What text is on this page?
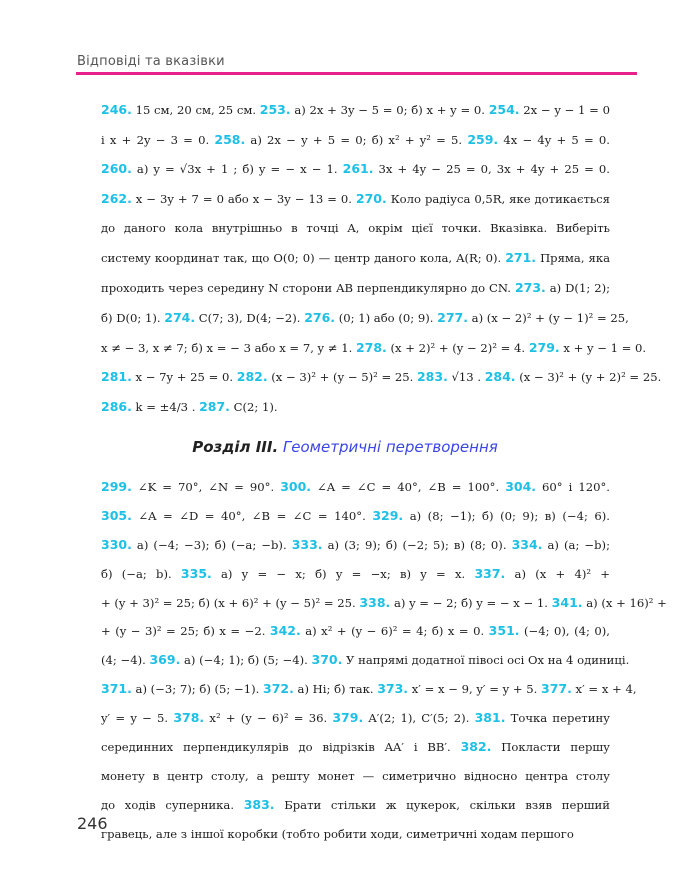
Відповіді та вказівки
246. 15 см, 20 см, 25 см. 253. а) 2x + 3y − 5 = 0; б) x + y = 0. 254. 2x − y − 1 = 0
і x + 2y − 3 = 0. 258. а) 2x − y + 5 = 0; б) x² + y² = 5. 259. 4x − 4y + 5 = 0.
260. а) y = √3x + 1 ; б) y = − x − 1. 261. 3x + 4y − 25 = 0, 3x + 4y + 25 = 0.
262. x − 3y + 7 = 0 або x − 3y − 13 = 0. 270. Коло радіуса 0,5R, яке дотикається
до даного кола внутрішньо в точці A, окрім цієї точки. Вказівка. Виберіть
систему координат так, що O(0; 0) — центр даного кола, A(R; 0). 271. Пряма, яка
проходить через середину N сторони AB перпендикулярно до CN. 273. а) D(1; 2);
б) D(0; 1). 274. C(7; 3), D(4; −2). 276. (0; 1) або (0; 9). 277. а) (x − 2)² + (y − 1)² = 25,
x ≠ − 3, x ≠ 7; б) x = − 3 або x = 7, y ≠ 1. 278. (x + 2)² + (y − 2)² = 4. 279. x + y − 1 = 0.
281. x − 7y + 25 = 0. 282. (x − 3)² + (y − 5)² = 25. 283. √13 . 284. (x − 3)² + (y + 2)² = 25.
286. k = ±4/3 . 287. C(2; 1).
Розділ III. Геометричні перетворення
299. ∠K = 70°, ∠N = 90°. 300. ∠A = ∠C = 40°, ∠B = 100°. 304. 60° і 120°.
305. ∠A = ∠D = 40°, ∠B = ∠C = 140°. 329. а) (8; −1); б) (0; 9); в) (−4; 6).
330. а) (−4; −3); б) (−a; −b). 333. а) (3; 9); б) (−2; 5); в) (8; 0). 334. а) (a; −b);
б) (−a; b). 335. а) y = − x; б) y = −x; в) y = x. 337. а) (x + 4)² +
+ (y + 3)² = 25; б) (x + 6)² + (y − 5)² = 25. 338. а) y = − 2; б) y = − x − 1. 341. а) (x + 16)² +
+ (y − 3)² = 25; б) x = −2. 342. а) x² + (y − 6)² = 4; б) x = 0. 351. (−4; 0), (4; 0),
(4; −4). 369. а) (−4; 1); б) (5; −4). 370. У напрямі додатної півосі осі Ox на 4 одиниці.
371. а) (−3; 7); б) (5; −1). 372. а) Ні; б) так. 373. x′ = x − 9, y′ = y + 5. 377. x′ = x + 4,
y′ = y − 5. 378. x² + (y − 6)² = 36. 379. A′(2; 1), C′(5; 2). 381. Точка перетину
серединних перпендикулярів до відрізків AA′ і BB′. 382. Покласти першу
монету в центр столу, а решту монет — симетрично відносно центра столу
до ходів суперника. 383. Брати стільки ж цукерок, скільки взяв перший
гравець, але з іншої коробки (тобто робити ходи, симетричні ходам першого
246
